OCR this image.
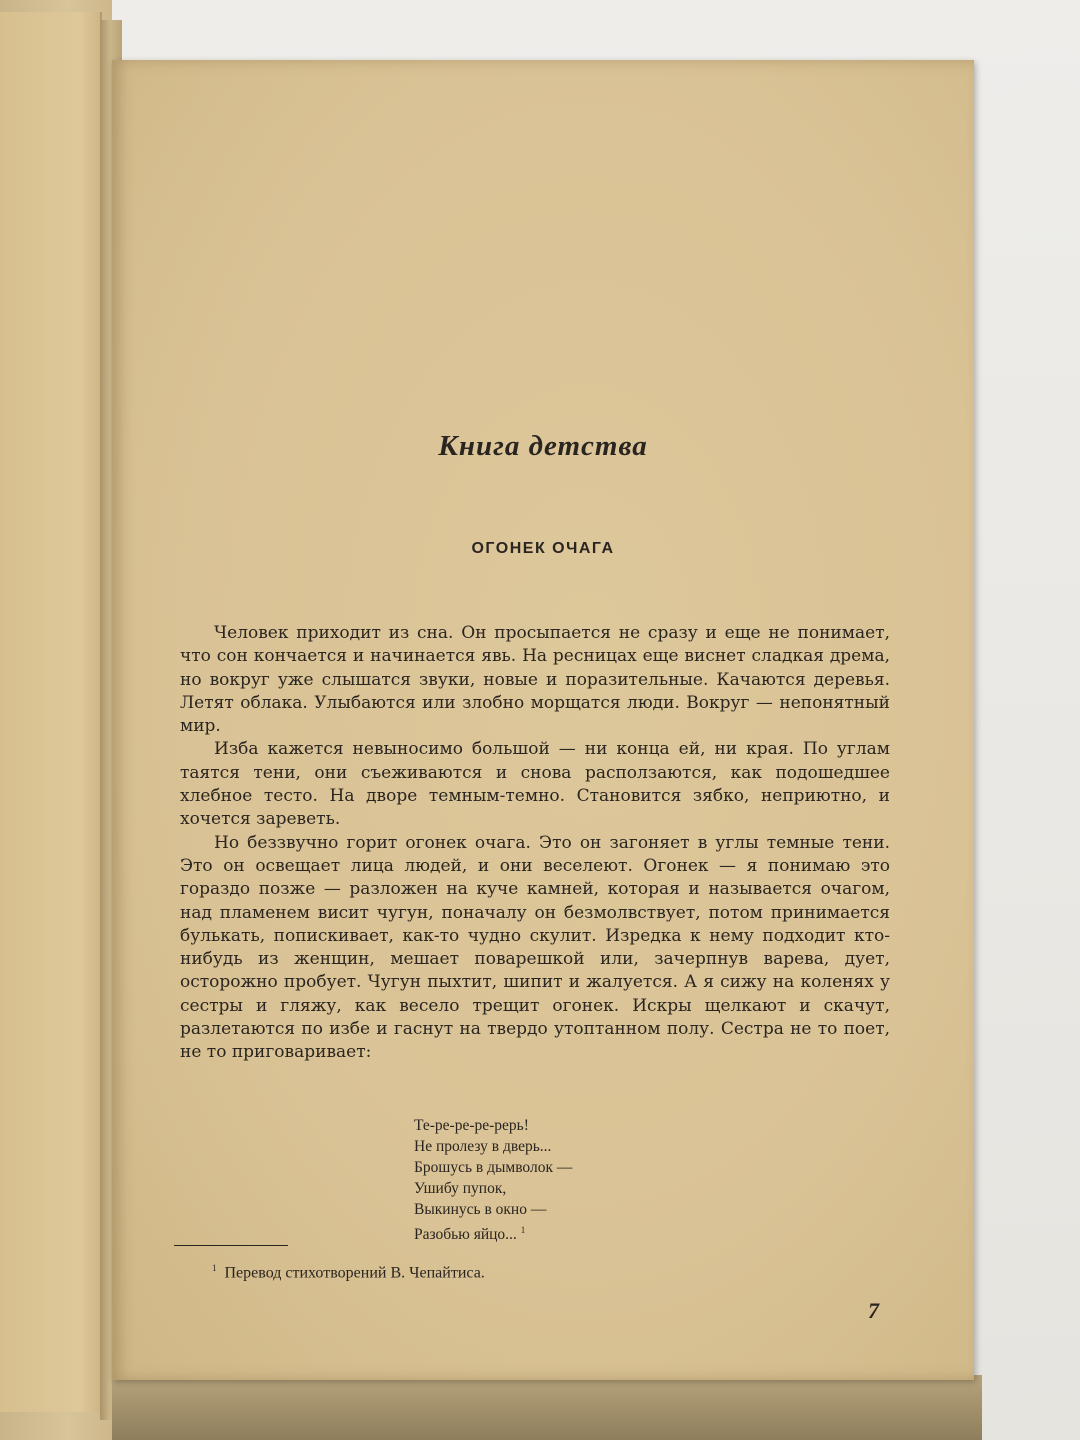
Книга детства
ОГОНЕК ОЧАГА

Человек приходит из сна. Он просыпается не сразу и еще не понимает, что сон кончается и начинается явь. На ресницах еще виснет сладкая дрема, но вокруг уже слышатся звуки, новые и поразительные. Качаются деревья. Летят облака. Улыбаются или злобно морщатся люди. Вокруг — непонятный мир.

Изба кажется невыносимо большой — ни конца ей, ни края. По углам таятся тени, они съеживаются и снова расползаются, как подошедшее хлебное тесто. На дворе темным-темно. Становится зябко, неприютно, и хочется зареветь.

Но беззвучно горит огонек очага. Это он загоняет в углы темные тени. Это он освещает лица людей, и они веселеют. Огонек — я понимаю это гораздо позже — разложен на куче камней, которая и называется очагом, над пламенем висит чугун, поначалу он безмолвствует, потом принимается булькать, попискивает, как-то чудно скулит. Изредка к нему подходит кто-нибудь из женщин, мешает поварешкой или, зачерпнув варева, дует, осторожно пробует. Чугун пыхтит, шипит и жалуется. А я сижу на коленях у сестры и гляжу, как весело трещит огонек. Искры щелкают и скачут, разлетаются по избе и гаснут на твердо утоптанном полу. Сестра не то поет, не то приговаривает:

Те-ре-ре-ре-рерь!
Не пролезу в дверь...
Брошусь в дымволок —
Ушибу пупок,
Выкинусь в окно —
Разобью яйцо... $^1$
$^1$ Перевод стихотворений В. Чепайтиса.
7
